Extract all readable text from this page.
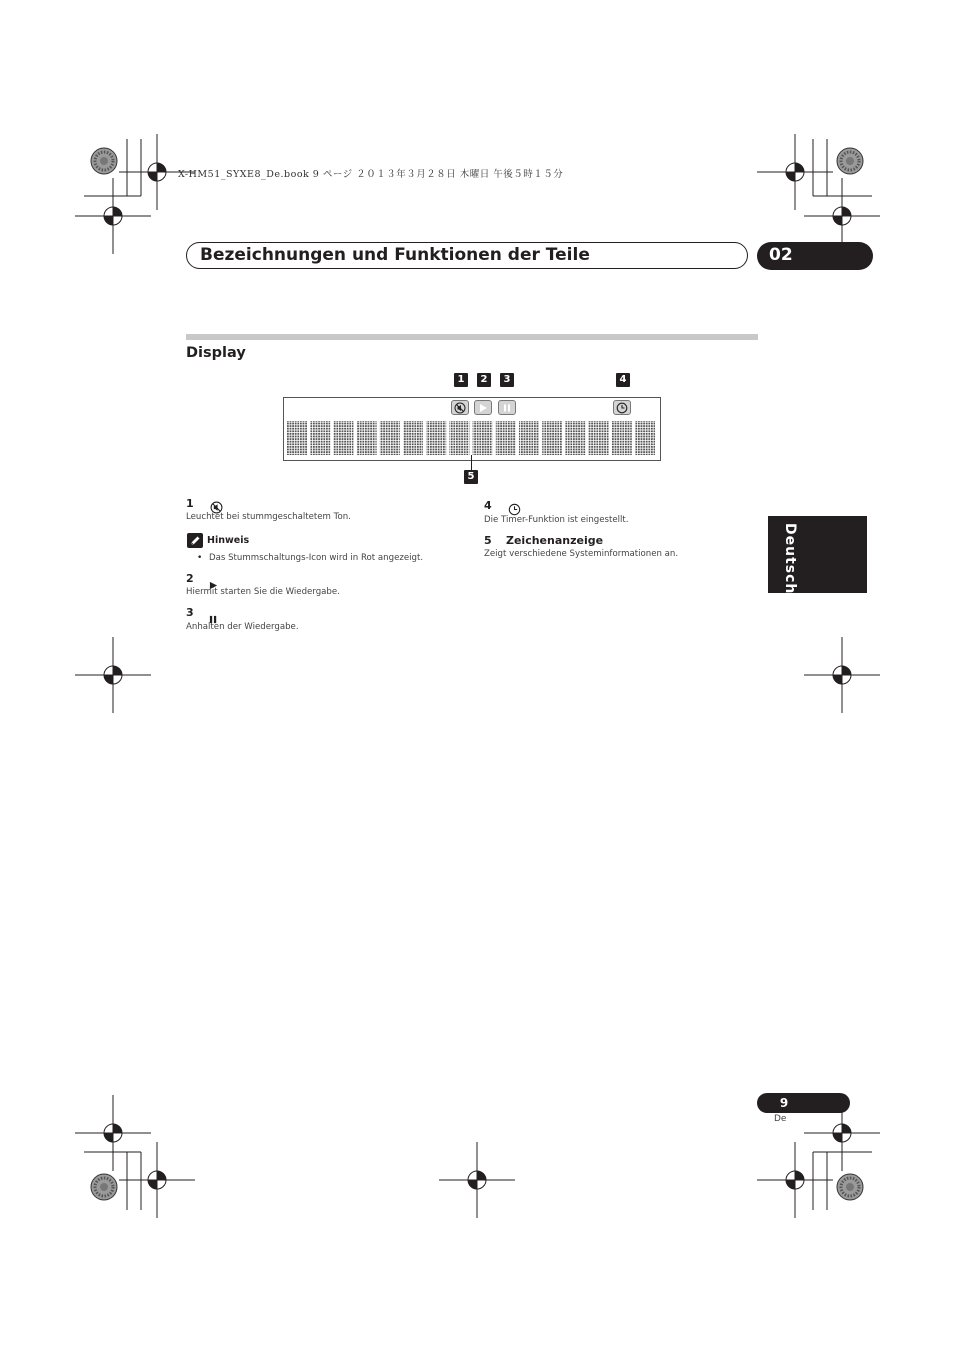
X-HM51_SYXE8_De.book 9 ページ ２０１３年３月２８日 木曜日 午後５時１５分
Bezeichnungen und Funktionen der Teile	02
Display
1	2	3	4
5
1
Leuchtet bei stummgeschaltetem Ton.
Hinweis
• Das Stummschaltungs-Icon wird in Rot angezeigt.
2
Hiermit starten Sie die Wiedergabe.
3
Anhalten der Wiedergabe.
4
Die Timer-Funktion ist eingestellt.
5 Zeichenanzeige
Zeigt verschiedene Systeminformationen an.	Deutsch
9
De
